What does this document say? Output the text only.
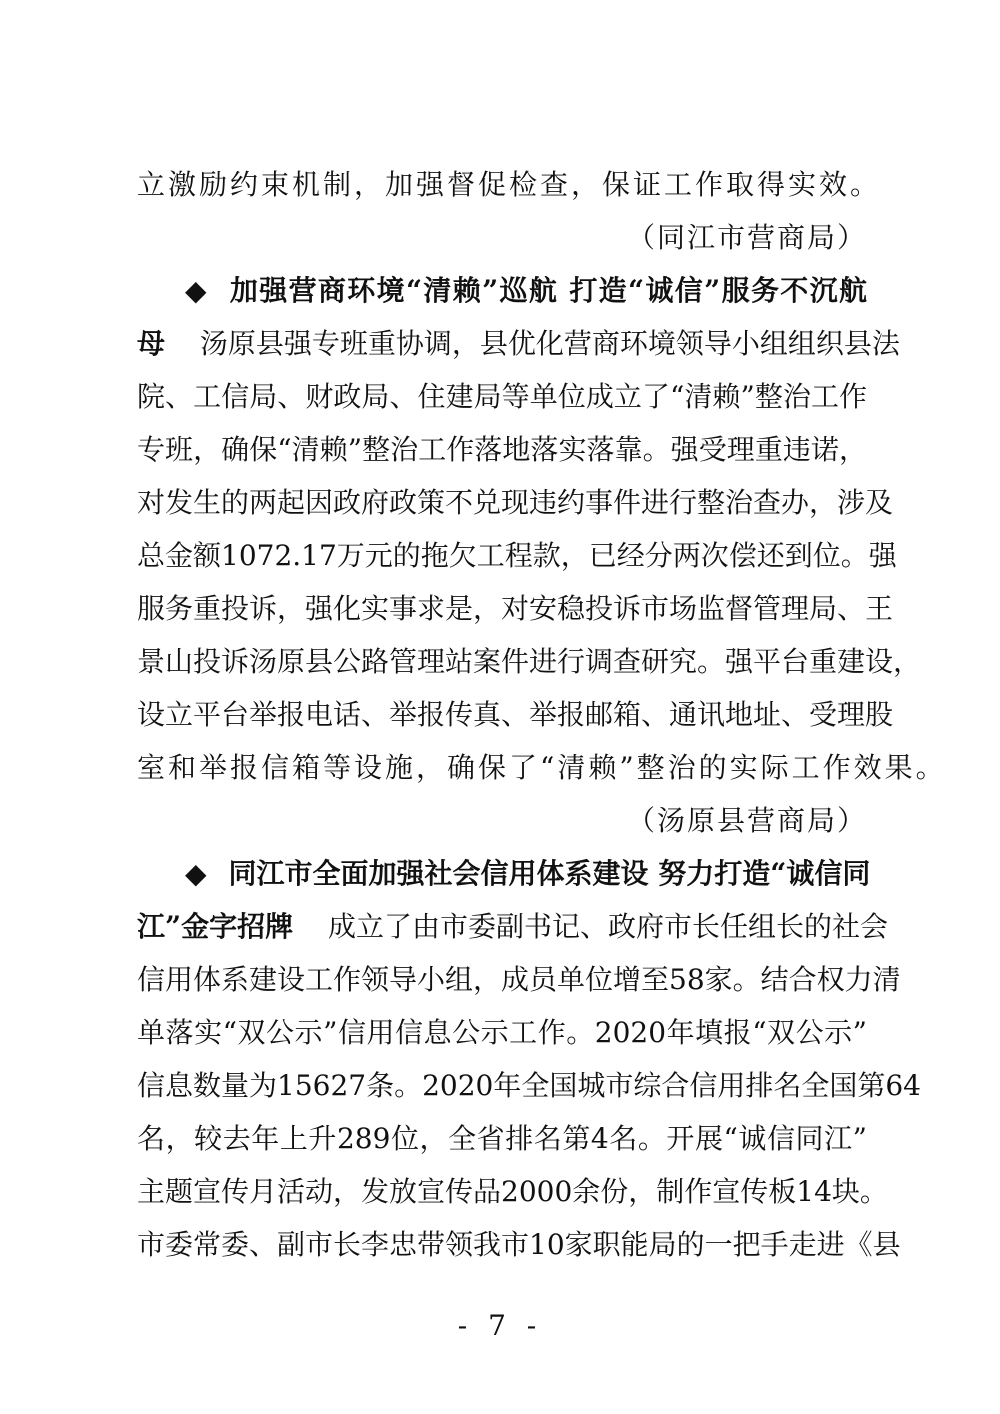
立激励约束机制，加强督促检查，保证工作取得实效。
（同江市营商局）
◆ 加强营商环境“清赖”巡航 打造“诚信”服务不沉航
母 汤原县强专班重协调，县优化营商环境领导小组组织县法
院、工信局、财政局、住建局等单位成立了“清赖”整治工作
专班，确保“清赖”整治工作落地落实落靠。强受理重违诺，
对发生的两起因政府政策不兑现违约事件进行整治查办，涉及
总金额1072.17万元的拖欠工程款，已经分两次偿还到位。强
服务重投诉，强化实事求是，对安稳投诉市场监督管理局、王
景山投诉汤原县公路管理站案件进行调查研究。强平台重建设，
设立平台举报电话、举报传真、举报邮箱、通讯地址、受理股
室和举报信箱等设施，确保了“清赖”整治的实际工作效果。
（汤原县营商局）
◆ 同江市全面加强社会信用体系建设 努力打造“诚信同
江”金字招牌 成立了由市委副书记、政府市长任组长的社会
信用体系建设工作领导小组，成员单位增至58家。结合权力清
单落实“双公示”信用信息公示工作。2020年填报“双公示”
信息数量为15627条。2020年全国城市综合信用排名全国第64
名，较去年上升289位，全省排名第4名。开展“诚信同江”
主题宣传月活动，发放宣传品2000余份，制作宣传板14块。
市委常委、副市长李忠带领我市10家职能局的一把手走进《县
- 7 -
